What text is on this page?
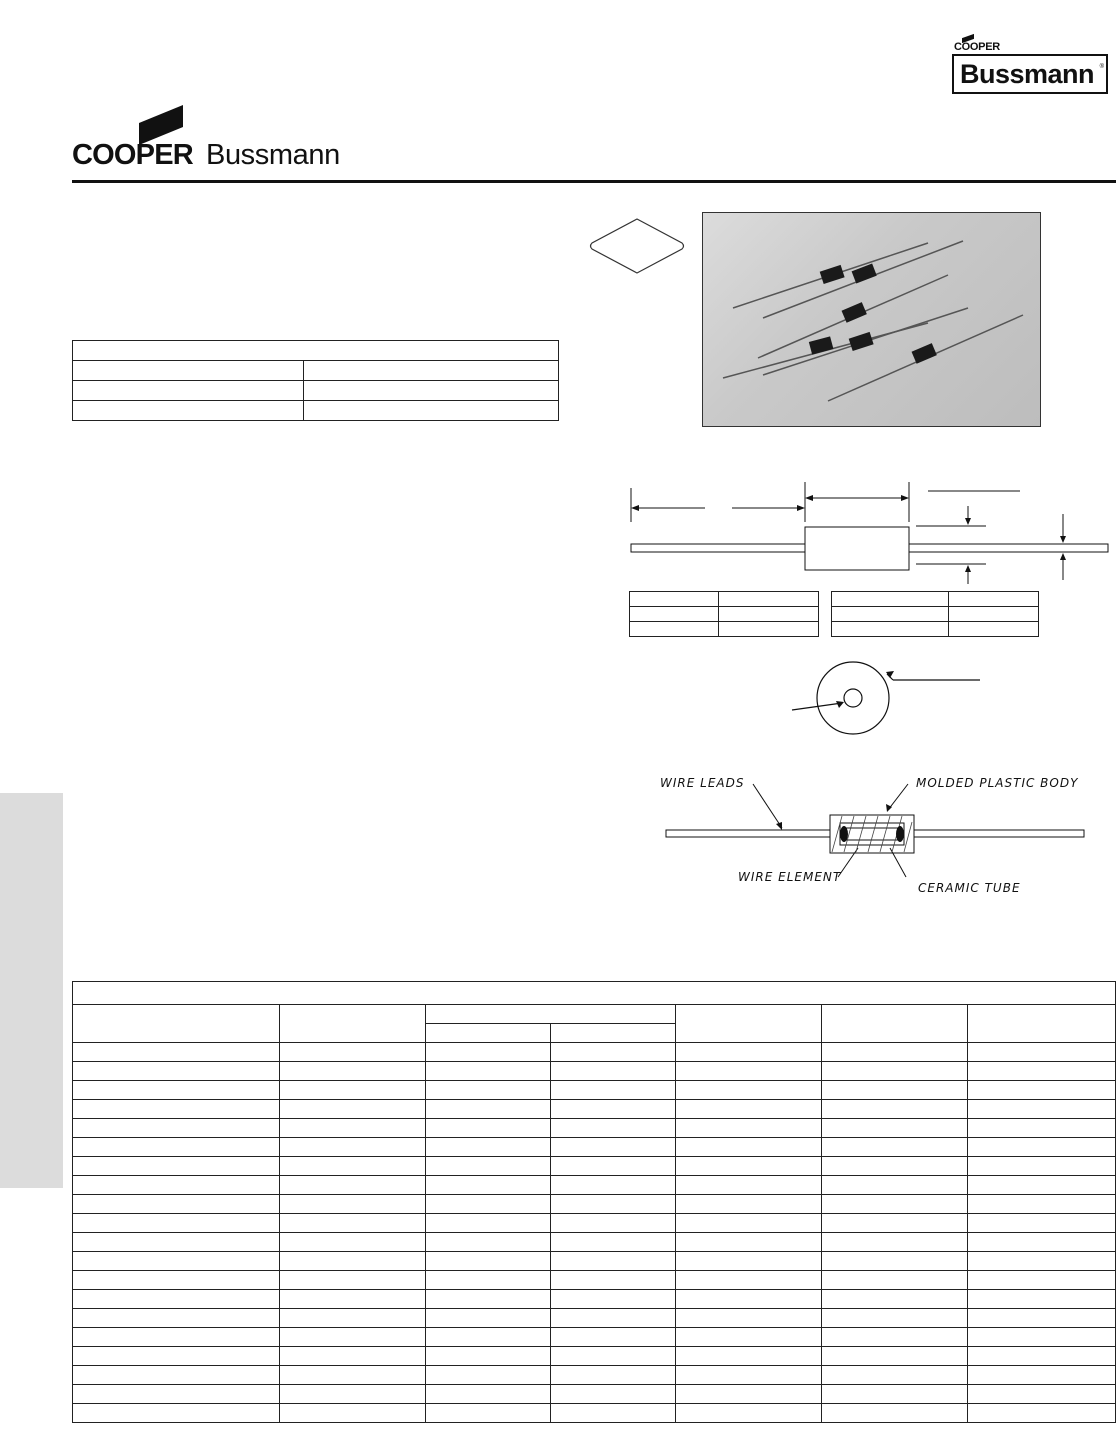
COOPER
Bussmann ®
COOPER Bussmann

WIRE LEADS	MOLDED PLASTIC BODY
WIRE ELEMENT
CERAMIC TUBE
